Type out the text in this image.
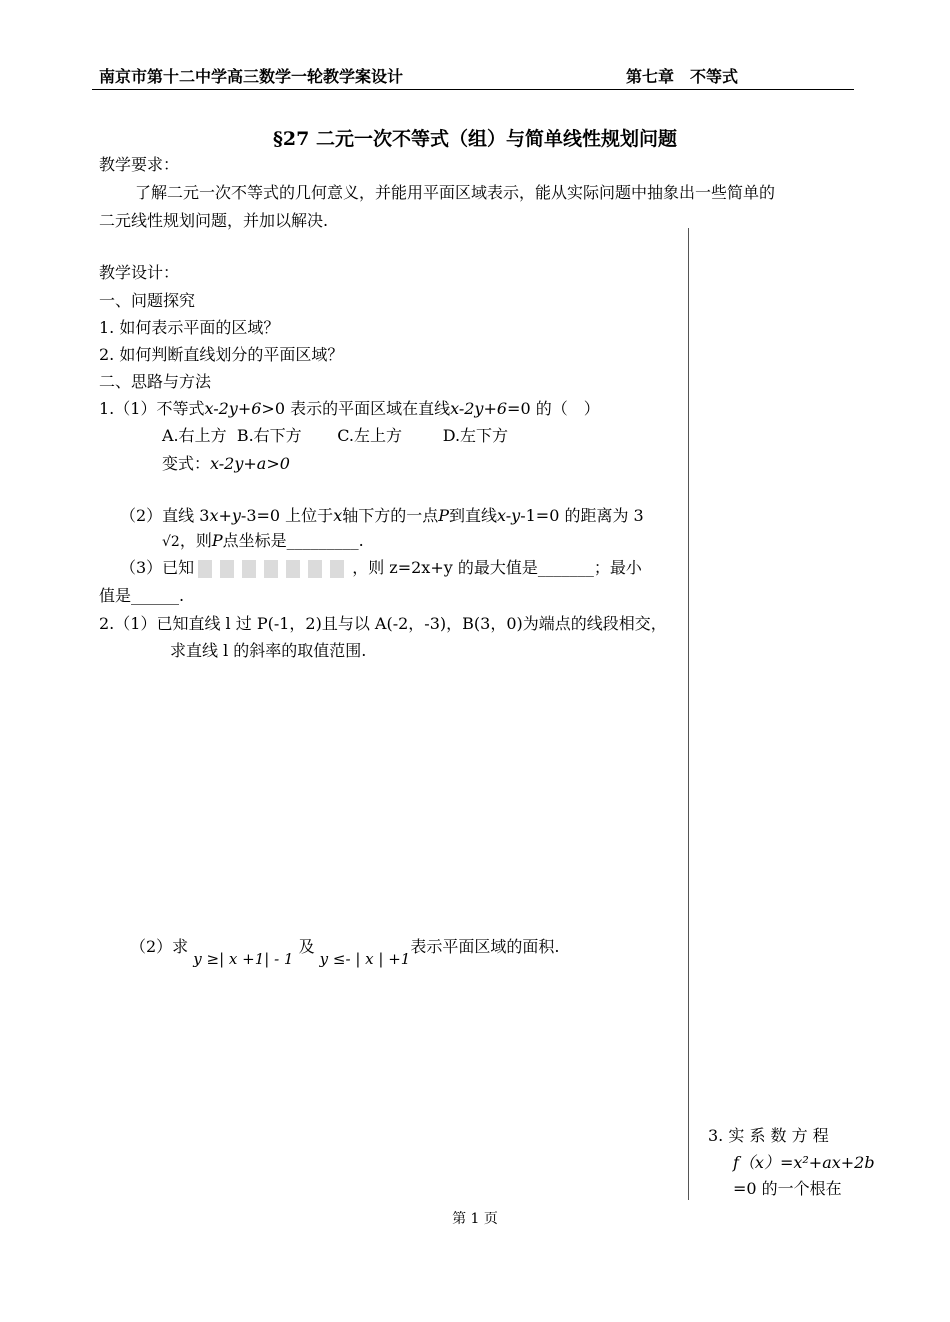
南京市第十二中学高三数学一轮教学案设计	第七章　不等式
§27 二元一次不等式（组）与简单线性规划问题
教学要求：
了解二元一次不等式的几何意义，并能用平面区域表示，能从实际问题中抽象出一些简单的
二元线性规划问题，并加以解决.
教学设计：
一、问题探究
1. 如何表示平面的区域？
2. 如何判断直线划分的平面区域？
二、思路与方法
1.（1）不等式x-2y+6>0 表示的平面区域在直线x-2y+6=0 的（　）
A.右上方  B.右下方       C.左上方        D.左下方
变式：x-2y+a>0
（2）直线 3x+y-3=0 上位于x轴下方的一点P到直线x-y-1=0 的距离为 3
√2，则P点坐标是_________.
（3）已知	，则 z=2x+y 的最大值是_______；最小
值是______.
2.（1）已知直线 l 过 P(-1，2)且与以 A(-2，-3)，B(3，0)为端点的线段相交，
求直线 l 的斜率的取值范围.
（2）求 y ≥| x +1| - 1 及 y ≤- | x | +1表示平面区域的面积.
3. 实 系 数 方 程
f（x）=x²+ax+2b
=0 的一个根在
第 1 页
